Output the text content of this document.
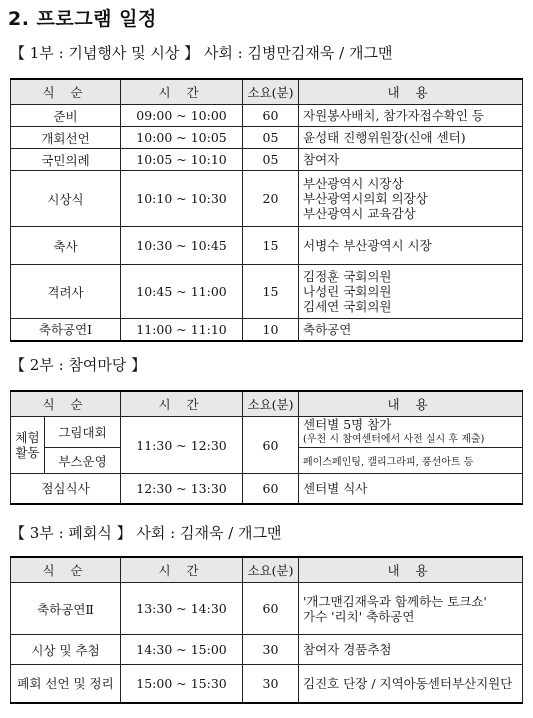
2. 프로그램 일정
【 1부 : 기념행사 및 시상 】 사회 : 김병만김재욱 / 개그맨
식 순	시 간	소요(분)	내 용
준비	09:00 ~ 10:00	60	자원봉사배치, 참가자접수확인 등

개회선언	10:00 ~ 10:05	05	윤성태 진행위원장(신애 센터)

국민의례	10:05 ~ 10:10	05	참여자

시상식	10:10 ~ 10:30	20	부산광역시 시장상
부산광역시의회 의장상
부산광역시 교육감상

축사	10:30 ~ 10:45	15	서병수 부산광역시 시장

격려사	10:45 ~ 11:00	15	김정훈 국회의원
나성린 국회의원
김세연 국회의원

축하공연Ⅰ	11:00 ~ 11:10	10	축하공연
【 2부 : 참여마당 】
식 순		시 간	소요(분)	내 용

체험
활동	그림대회	11:30 ~ 12:30	60	센터별 5명 참가
(우천 시 참여센터에서 사전 실시 후 제출)

	부스운영			페이스페인팅, 캘리그라피, 풍선아트 등
점심식사		12:30 ~ 13:30	60	센터별 식사
【 3부 : 폐회식 】 사회 : 김재욱 / 개그맨
식 순	시 간	소요(분)	내 용
축하공연Ⅱ	13:30 ~ 14:30	60	'개그맨김재욱과 함께하는 토크쇼'
가수 '리치' 축하공연

시상 및 추첨	14:30 ~ 15:00	30	참여자 경품추첨

폐회 선언 및 정리	15:00 ~ 15:30	30	김진호 단장 / 지역아동센터부산지원단
